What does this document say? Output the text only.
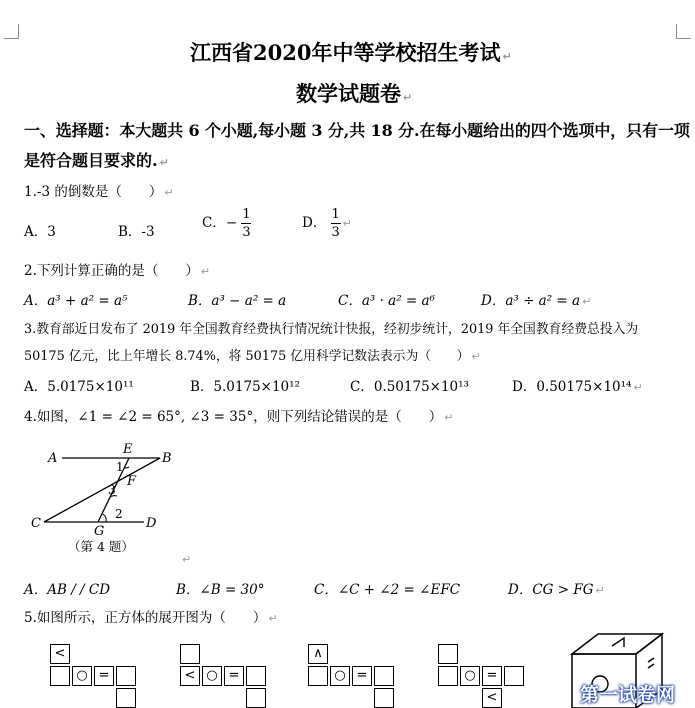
江西省2020年中等学校招生考试 ↵
数学试题卷 ↵
一、选择题：本大题共 6 个小题,每小题 3 分,共 18 分.在每小题给出的四个选项中，只有一项
是符合题目要求的. ↵
1.-3 的倒数是（　　） ↵
A．3	B．-3
C．− $\frac{1}{3}$	D． $\frac{1}{3}$ ↵
2.下列计算正确的是（　　） ↵
A．a³ + a² = a⁵	B．a³ − a² = a	C．a³ · a² = a⁶	D．a³ ÷ a² = a ↵
3.教育部近日发布了 2019 年全国教育经费执行情况统计快报，经初步统计，2019 年全国教育经费总投入为
50175 亿元，比上年增长 8.74%，将 50175 亿用科学记数法表示为（　　） ↵
A．5.0175×10¹¹	B．5.0175×10¹²	C．0.50175×10¹³	D．0.50175×10¹⁴ ↵
4.如图，∠1 = ∠2 = 65°, ∠3 = 35°，则下列结论错误的是（　　） ↵
A	B
C	D
E
F
G
1
2
3
（第 4 题）
↵
A．AB / / CD	B．∠B = 30°	C．∠C + ∠2 = ∠EFC	D．CG > FG ↵
5.如图所示，正方体的展开图为（　　） ↵
<
○ =	< ○ =
∧
○ =	○ =
<	第一试卷网
